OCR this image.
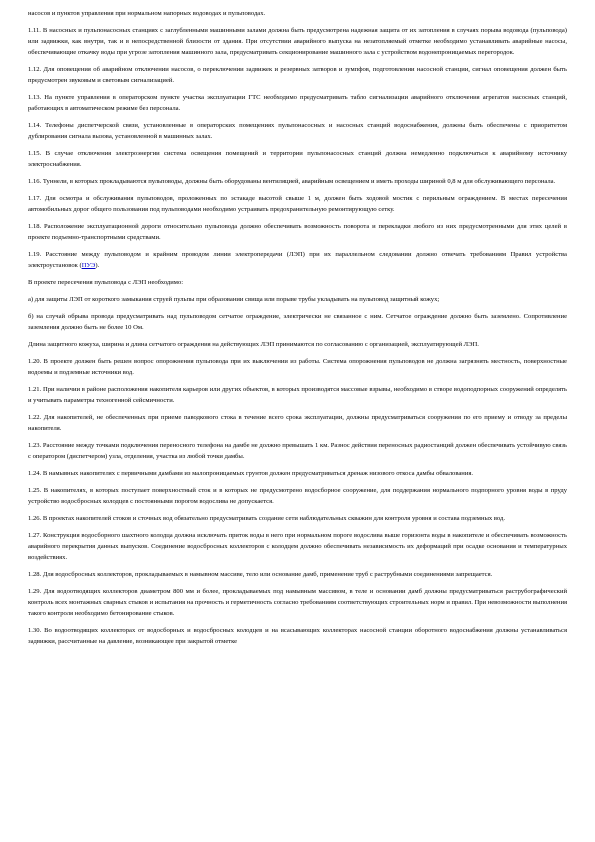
насосов и пунктов управления при нормальном напорных водоводах и пульповодах.

1.11. В насосных и пульпонасосных станциях с заглубленными машинными залами должна быть предусмотрена надежная защита от их затопления в случаях порыва водовода (пульповода) или задвижки, как внутри, так и в непосредственной близости от здания. При отсутствии аварийного выпуска на незатопляемый отметке необходимо устанавливать аварийные насосы, обеспечивающие откачку воды при угрозе затопления машинного зала, предусматривать секционирование машинного зала с устройством водонепроницаемых перегородок.

1.12. Для оповещения об аварийном отключении насосов, о переключении задвижек и резервных затворов и зумпфов, подготовлении насосной станции, сигнал оповещения должен быть предусмотрен звуковым и световым сигнализацией.

1.13. На пункте управления в операторском пункте участка эксплуатации ГТС необходимо предусматривать табло сигнализации аварийного отключения агрегатов насосных станций, работающих в автоматическом режиме без персонала.

1.14. Телефоны диспетчерской связи, установленные в операторских помещениях пульпонасосных и насосных станций водоснабжения, должны быть обеспечены с приоритетом дублирования сигнала вызова, установленной в машинных залах.

1.15. В случае отключения электроэнергии система освещения помещений и территории пульпонасосных станций должна немедленно подключаться к аварийному источнику электроснабжения.

1.16. Туннели, в которых прокладываются пульповоды, должны быть оборудованы вентиляцией, аварийным освещением и иметь проходы шириной 0,8 м для обслуживающего персонала.

1.17. Для осмотра и обслуживания пульповодов, проложенных по эстакаде высотой свыше 1 м, должен быть ходовой мостик с перильным ограждением. В местах пересечения автомобильных дорог общего пользования под пульповодами необходимо устраивать предохранительную ремонтирующую сетку.

1.18. Расположение эксплуатационной дороги относительно пульповода должно обеспечивать возможность поворота и перекладки любого из них предусмотренными для этих целей в проекте подъемно-транспортными средствами.

1.19. Расстояние между пульповодом и крайним проводом линии электропередачи (ЛЭП) при их параллельном следовании должно отвечать требованиям Правил устройства электроустановок (ПУЭ).

В проекте пересечения пульповода с ЛЭП необходимо:

а) для защиты ЛЭП от короткого замыкания струей пульпы при образовании свища или порыве трубы укладывать на пульповод защитный кожух;

б) на случай обрыва провода предусматривать над пульповодом сетчатое ограждение, электрически не связанное с ним. Сетчатое ограждение должно быть заземлено. Сопротивление заземления должно быть не более 10 Ом.

Длина защитного кожуха, ширина и длина сетчатого ограждения на действующих ЛЭП принимаются по согласованию с организацией, эксплуатирующей ЛЭП.

1.20. В проекте должен быть решен вопрос опорожнения пульповода при их выключении из работы. Система опорожнения пульповодов не должна загрязнять местность, поверхностные водоемы и подземные источники вод.

1.21. При наличии в районе расположения накопителя карьеров или других объектов, в которых производятся массовые взрывы, необходимо в створе водоподпорных сооружений определять и учитывать параметры техногенной сейсмичности.

1.22. Для накопителей, не обеспеченных при приеме паводкового стока в течение всего срока эксплуатации, должны предусматриваться сооружения по его приему и отводу за пределы накопителя.

1.23. Расстояние между точками подключения переносного телефона на дамбе не должно превышать 1 км. Разнос действия переносных радиостанций должен обеспечивать устойчивую связь с оператором (диспетчером) узла, отделения, участка из любой точки дамбы.

1.24. В намывных накопителях с первичными дамбами из малопроницаемых грунтов должен предусматриваться дренаж низового откоса дамбы обвалования.

1.25. В накопителях, в которых поступает поверхностный сток и в которых не предусмотрено водосборное сооружение, для поддержания нормального подпорного уровня воды в пруду устройство водосбросных колодцев с постоянными порогом водослива не допускается.

1.26. В проектах накопителей стоков и сточных вод обязательно предусматривать создание сети наблюдательных скважин для контроля уровня и состава подземных вод.

1.27. Конструкция водосборного шахтного колодца должна исключать приток воды в него при нормальном пороге водослива выше горизонта воды в накопителе и обеспечивать возможность аварийного перекрытия данных выпусков. Соединение водосбросных коллекторов с колодцем должно обеспечивать независимость их деформаций при осадке основания и температурных воздействиях.

1.28. Для водосбросных коллекторов, прокладываемых в намывном массиве, тело или основание дамб, применение труб с раструбными соединениями запрещается.

1.29. Для водоотводящих коллекторов диаметром 800 мм и более, прокладываемых под намывным массивом, в теле и основании дамб должны предусматриваться раструбографический контроль всех монтажных сварных стыков и испытания на прочность и герметичность согласно требованиям соответствующих строительных норм и правил. При невозможности выполнения такого контроля необходимо бетонирование стыков.

1.30. Во водоотводящих коллекторах от водосборных и водосбросных колодцев и на всасывающих коллекторах насосной станции оборотного водоснабжения должны устанавливаться задвижки, рассчитанные на давление, возникающее при закрытой отметке
